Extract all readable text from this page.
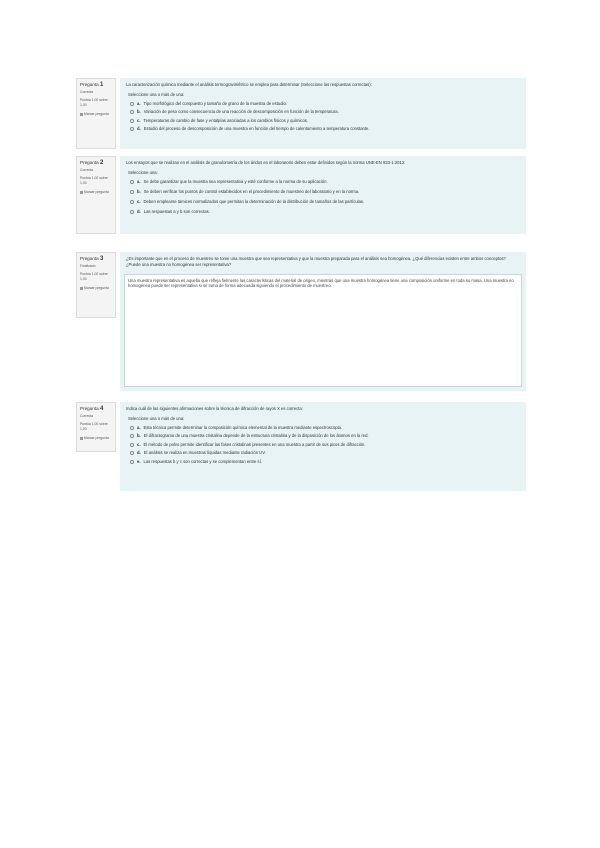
Pregunta 1
Correcta
Puntúa 1,00 sobre 1,00
Marcar pregunta
La caracterización química mediante el análisis termogravimétrico se emplea para determinar (Seleccione las respuestas correctas):
Seleccione una o más de una:
a. Tipo morfológico del compuesto y tamaño de grano de la muestra de estudio.
b. Variación de peso como consecuencia de una reacción de descomposición en función de la temperatura.
c. Temperaturas de cambio de fase y entalpías asociadas a los cambios físicos y químicos.
d. Estudio del proceso de descomposición de una muestra en función del tiempo de calentamiento a temperatura constante.
Pregunta 2
Correcta
Puntúa 1,00 sobre 1,00
Marcar pregunta
Los ensayos que se realizan en el análisis de granulometría de los áridos en el laboratorio deben estar definidos según la norma UNE-EN 933-1:2012:
Seleccione una:
a. Se debe garantizar que la muestra sea representativa y esté conforme a la norma de su aplicación.
b. Se deben verificar los puntos de control establecidos en el procedimiento de muestreo del laboratorio y en la norma.
c. Deben emplearse tamices normalizados que permitan la determinación de la distribución de tamaños de las partículas.
d. Las respuestas a y b son correctas.
Pregunta 3
Finalizado
Puntúa 1,00 sobre 1,00
Marcar pregunta
¿Es importante que en el proceso de muestreo se tome una muestra que sea representativa y que la muestra preparada para el análisis sea homogénea. ¿Qué diferencias existen entre ambos conceptos? ¿Puede una muestra no homogénea ser representativa?
Una muestra representativa es aquella que refleja fielmente las características del material de origen, mientras que una muestra homogénea tiene una composición uniforme en toda su masa. Una muestra no homogénea puede ser representativa si se toma de forma adecuada siguiendo el procedimiento de muestreo.
Pregunta 4
Correcta
Puntúa 1,00 sobre 1,00
Marcar pregunta
Indica cuál de las siguientes afirmaciones sobre la técnica de difracción de rayos X es correcta:
Seleccione una o más de una:
a. Esta técnica permite determinar la composición química elemental de la muestra mediante espectroscopia.
b. El difractograma de una muestra cristalina depende de la estructura cristalina y de la disposición de los átomos en la red.
c. El método de polvo permite identificar las fases cristalinas presentes en una muestra a partir de sus picos de difracción.
d. El análisis se realiza en muestras líquidas mediante radiación UV.
e. Las respuestas b y c son correctas y se complementan entre sí.
